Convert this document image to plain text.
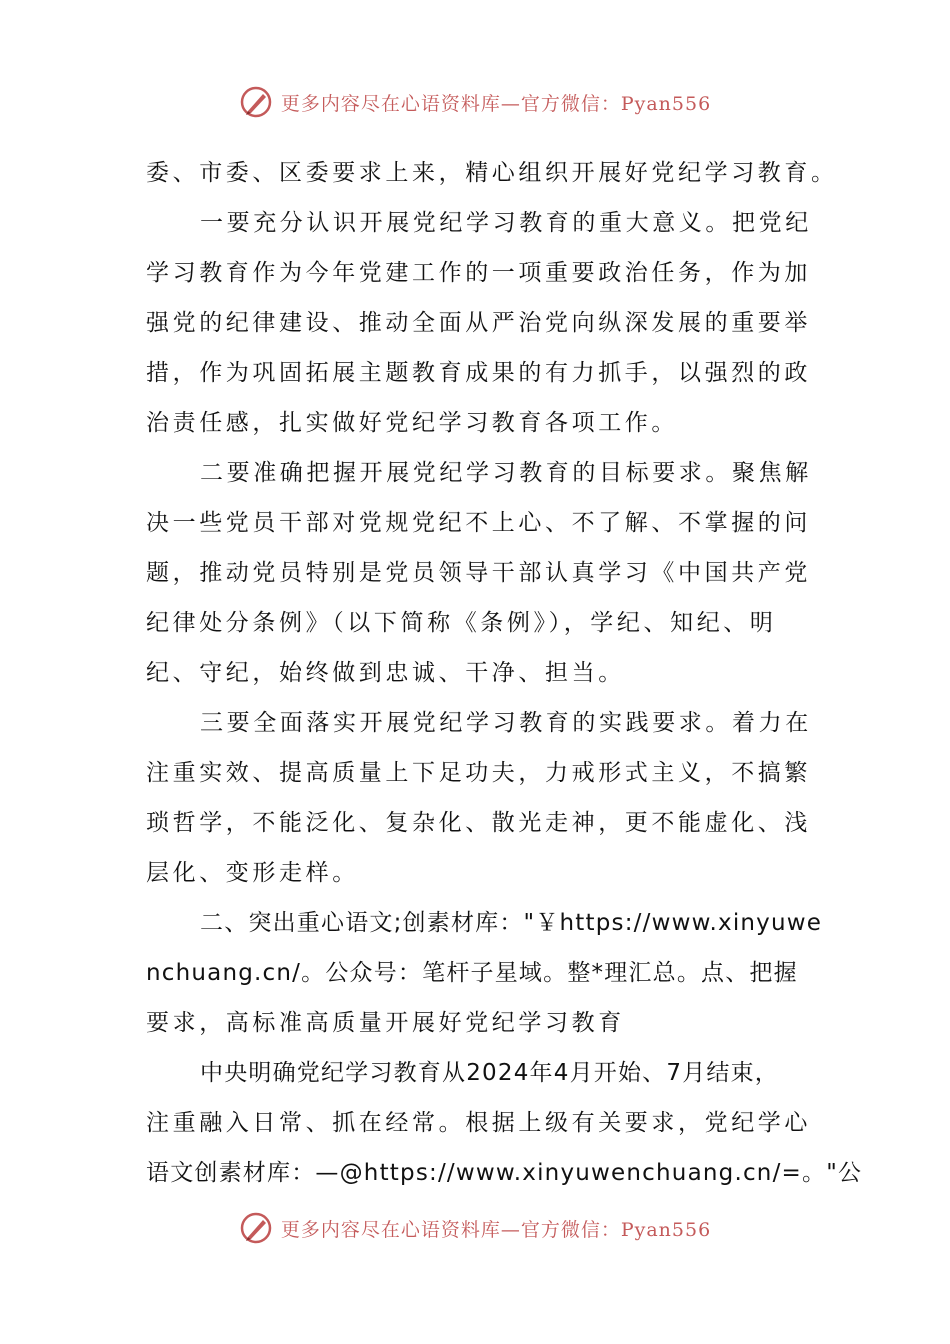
更多内容尽在心语资料库—官方微信：Pyan556
委、市委、区委要求上来，精心组织开展好党纪学习教育。
一要充分认识开展党纪学习教育的重大意义。把党纪
学习教育作为今年党建工作的一项重要政治任务，作为加
强党的纪律建设、推动全面从严治党向纵深发展的重要举
措，作为巩固拓展主题教育成果的有力抓手，以强烈的政
治责任感，扎实做好党纪学习教育各项工作。
二要准确把握开展党纪学习教育的目标要求。聚焦解
决一些党员干部对党规党纪不上心、不了解、不掌握的问
题，推动党员特别是党员领导干部认真学习《中国共产党
纪律处分条例》（以下简称《条例》），学纪、知纪、明
纪、守纪，始终做到忠诚、干净、担当。
三要全面落实开展党纪学习教育的实践要求。着力在
注重实效、提高质量上下足功夫，力戒形式主义，不搞繁
琐哲学，不能泛化、复杂化、散光走神，更不能虚化、浅
层化、变形走样。
二、突出重心语文;创素材库："￥https://www.xinyuwe
nchuang.cn/。公众号：笔杆子星域。整*理汇总。点、把握
要求，高标准高质量开展好党纪学习教育
中央明确党纪学习教育从2024年4月开始、7月结束，
注重融入日常、抓在经常。根据上级有关要求，党纪学心
语文创素材库：—@https://www.xinyuwenchuang.cn/=。"公
更多内容尽在心语资料库—官方微信：Pyan556
